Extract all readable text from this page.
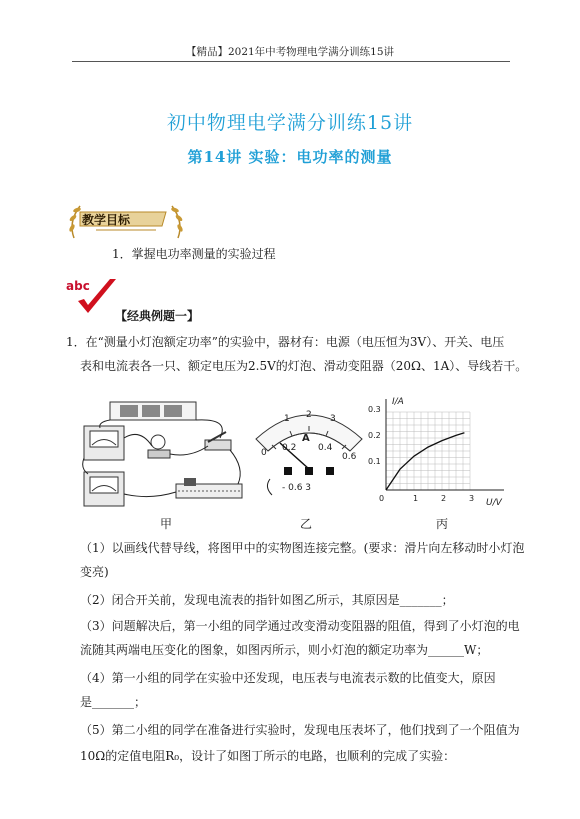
【精品】2021年中考物理电学满分训练15讲
初中物理电学满分训练15讲
第14讲 实验：电功率的测量
教学目标
1．掌握电功率测量的实验过程
abc
【经典例题一】
1．在“测量小灯泡额定功率”的实验中，器材有：电源（电压恒为3V）、开关、电压
表和电流表各一只、额定电压为2.5V的灯泡、滑动变阻器（20Ω、1A）、导线若干。
1 2 3
0 0.2 0.4
0.6
A
- 0.6 3
I/A
U/V
0.3
0.2
0.1
0	1	2	3
甲	乙	丙
（1）以画线代替导线，将图甲中的实物图连接完整。(要求：滑片向左移动时小灯泡
变亮)
（2）闭合开关前，发现电流表的指针如图乙所示，其原因是_______；
（3）问题解决后，第一小组的同学通过改变滑动变阻器的阻值，得到了小灯泡的电
流随其两端电压变化的图象，如图丙所示，则小灯泡的额定功率为______W；
（4）第一小组的同学在实验中还发现，电压表与电流表示数的比值变大，原因
是_______；
（5）第二小组的同学在准备进行实验时，发现电压表坏了，他们找到了一个阻值为
10Ω的定值电阻R₀，设计了如图丁所示的电路，也顺利的完成了实验：
